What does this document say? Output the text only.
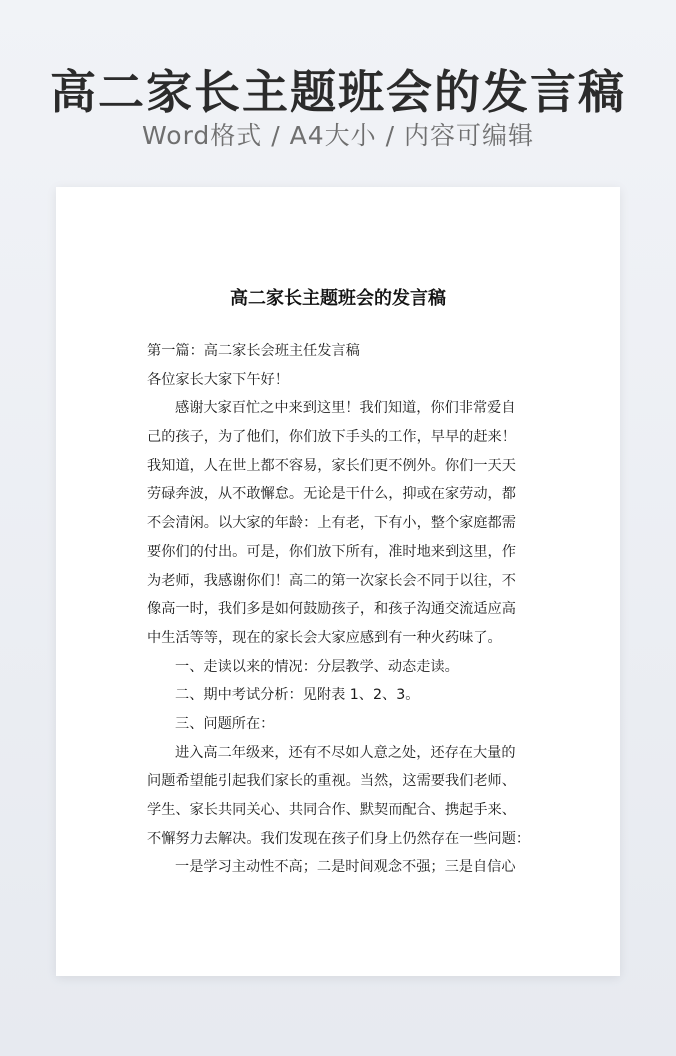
高二家长主题班会的发言稿
Word格式 / A4大小 / 内容可编辑
高二家长主题班会的发言稿
第一篇：高二家长会班主任发言稿
各位家长大家下午好！
感谢大家百忙之中来到这里！我们知道，你们非常爱自
己的孩子，为了他们，你们放下手头的工作，早早的赶来！
我知道，人在世上都不容易，家长们更不例外。你们一天天
劳碌奔波，从不敢懈怠。无论是干什么，抑或在家劳动，都
不会清闲。以大家的年龄：上有老，下有小，整个家庭都需
要你们的付出。可是，你们放下所有，准时地来到这里，作
为老师，我感谢你们！高二的第一次家长会不同于以往，不
像高一时，我们多是如何鼓励孩子，和孩子沟通交流适应高
中生活等等，现在的家长会大家应感到有一种火药味了。
一、走读以来的情况：分层教学、动态走读。
二、期中考试分析：见附表 1、2、3。
三、问题所在：
进入高二年级来，还有不尽如人意之处，还存在大量的
问题希望能引起我们家长的重视。当然，这需要我们老师、
学生、家长共同关心、共同合作、默契而配合、携起手来、
不懈努力去解决。我们发现在孩子们身上仍然存在一些问题：
一是学习主动性不高；二是时间观念不强；三是自信心
